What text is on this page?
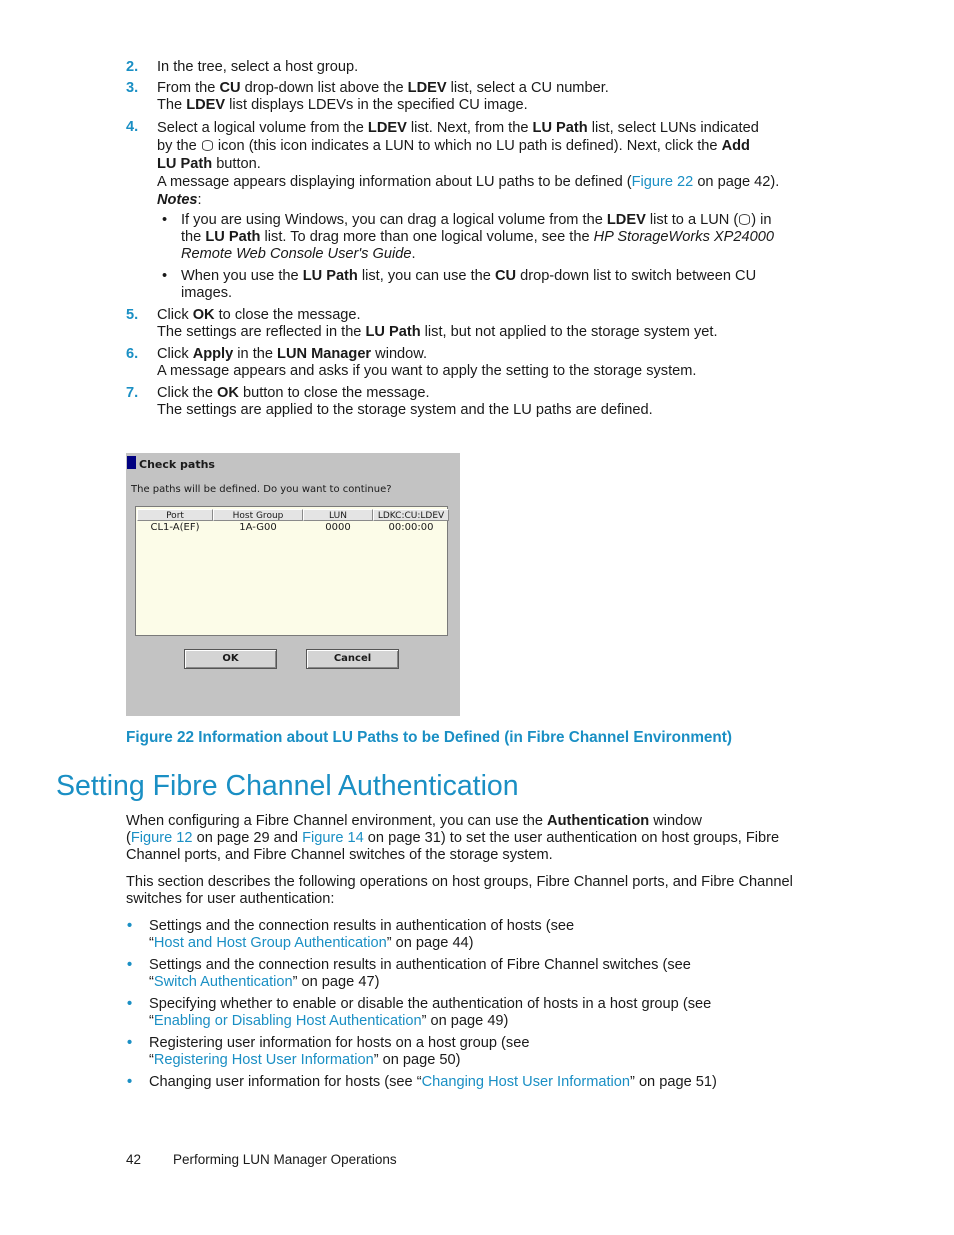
2. In the tree, select a host group.
3. From the CU drop-down list above the LDEV list, select a CU number.
The LDEV list displays LDEVs in the specified CU image.
4. Select a logical volume from the LDEV list. Next, from the LU Path list, select LUNs indicated
by the  icon (this icon indicates a LUN to which no LU path is defined). Next, click the Add
LU Path button.
A message appears displaying information about LU paths to be defined (Figure 22 on page 42).
Notes:
• If you are using Windows, you can drag a logical volume from the LDEV list to a LUN ( ) in
the LU Path list. To drag more than one logical volume, see the HP StorageWorks XP24000
Remote Web Console User's Guide.
• When you use the LU Path list, you can use the CU drop-down list to switch between CU
images.
5. Click OK to close the message.
The settings are reflected in the LU Path list, but not applied to the storage system yet.
6. Click Apply in the LUN Manager window.
A message appears and asks if you want to apply the setting to the storage system.
7. Click the OK button to close the message.
The settings are applied to the storage system and the LU paths are defined.
Check paths
The paths will be defined. Do you want to continue?
Port	Host Group	LUN	LDKC:CU:LDEV
CL1-A(EF)	1A-G00	0000	00:00:00
OK	Cancel
Figure 22 Information about LU Paths to be Defined (in Fibre Channel Environment)
Setting Fibre Channel Authentication
When configuring a Fibre Channel environment, you can use the Authentication window
(Figure 12 on page 29 and Figure 14 on page 31) to set the user authentication on host groups, Fibre
Channel ports, and Fibre Channel switches of the storage system.
This section describes the following operations on host groups, Fibre Channel ports, and Fibre Channel
switches for user authentication:
• Settings and the connection results in authentication of hosts (see
“Host and Host Group Authentication” on page 44)
• Settings and the connection results in authentication of Fibre Channel switches (see
“Switch Authentication” on page 47)
• Specifying whether to enable or disable the authentication of hosts in a host group (see
“Enabling or Disabling Host Authentication” on page 49)
• Registering user information for hosts on a host group (see
“Registering Host User Information” on page 50)
• Changing user information for hosts (see “Changing Host User Information” on page 51)
42 Performing LUN Manager Operations
